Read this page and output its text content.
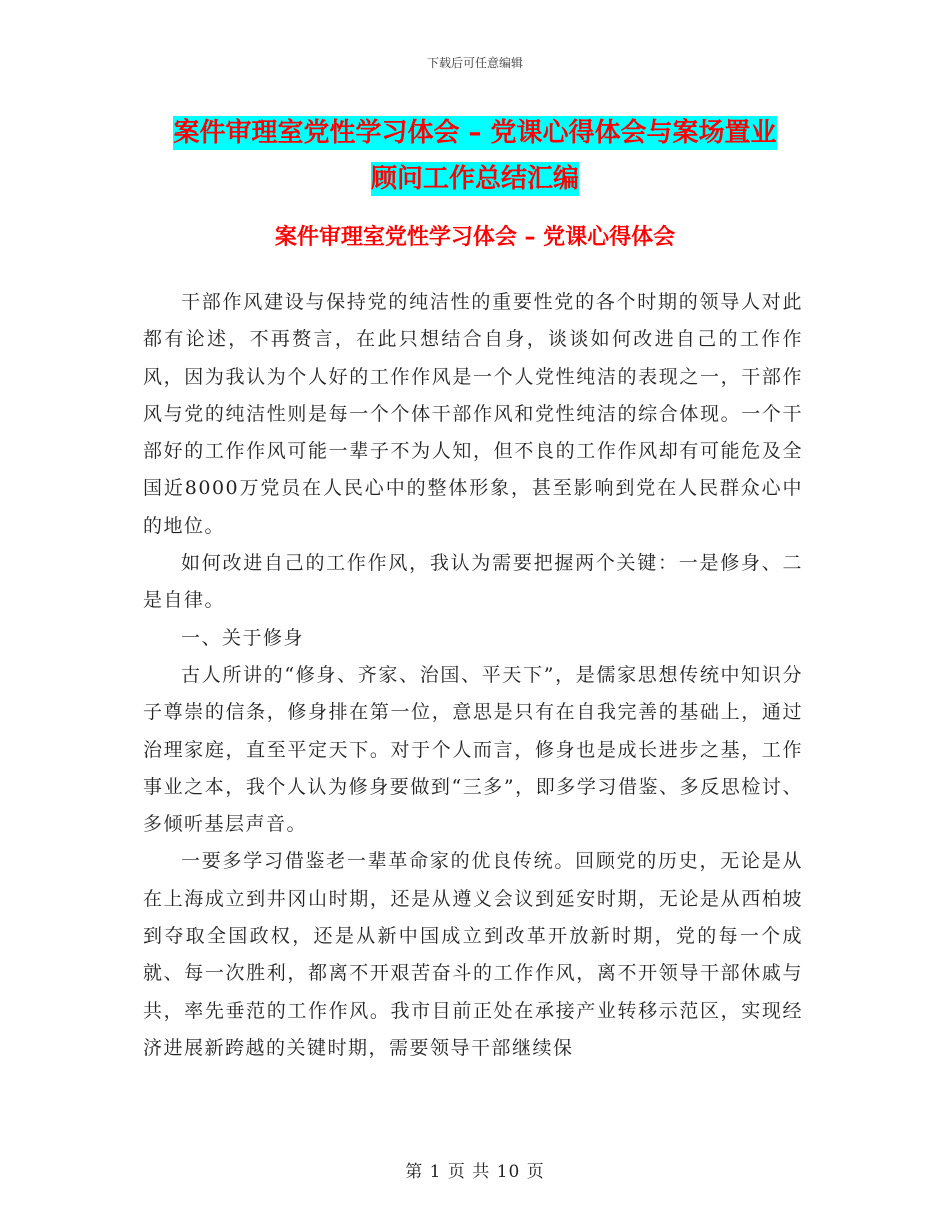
下载后可任意编辑
案件审理室党性学习体会 – 党课心得体会与案场置业
顾问工作总结汇编
案件审理室党性学习体会 – 党课心得体会

干部作风建设与保持党的纯洁性的重要性党的各个时期的领导人对此都有论述，不再赘言，在此只想结合自身，谈谈如何改进自己的工作作风，因为我认为个人好的工作作风是一个人党性纯洁的表现之一，干部作风与党的纯洁性则是每一个个体干部作风和党性纯洁的综合体现。一个干部好的工作作风可能一辈子不为人知，但不良的工作作风却有可能危及全国近8000万党员在人民心中的整体形象，甚至影响到党在人民群众心中的地位。

如何改进自己的工作作风，我认为需要把握两个关键：一是修身、二是自律。

一、关于修身

古人所讲的“修身、齐家、治国、平天下”，是儒家思想传统中知识分子尊崇的信条，修身排在第一位，意思是只有在自我完善的基础上，通过治理家庭，直至平定天下。对于个人而言，修身也是成长进步之基，工作事业之本，我个人认为修身要做到“三多”，即多学习借鉴、多反思检讨、多倾听基层声音。

一要多学习借鉴老一辈革命家的优良传统。回顾党的历史，无论是从在上海成立到井冈山时期，还是从遵义会议到延安时期，无论是从西柏坡到夺取全国政权，还是从新中国成立到改革开放新时期，党的每一个成就、每一次胜利，都离不开艰苦奋斗的工作作风，离不开领导干部休戚与共，率先垂范的工作作风。我市目前正处在承接产业转移示范区，实现经济进展新跨越的关键时期，需要领导干部继续保

第 1 页 共 10 页
